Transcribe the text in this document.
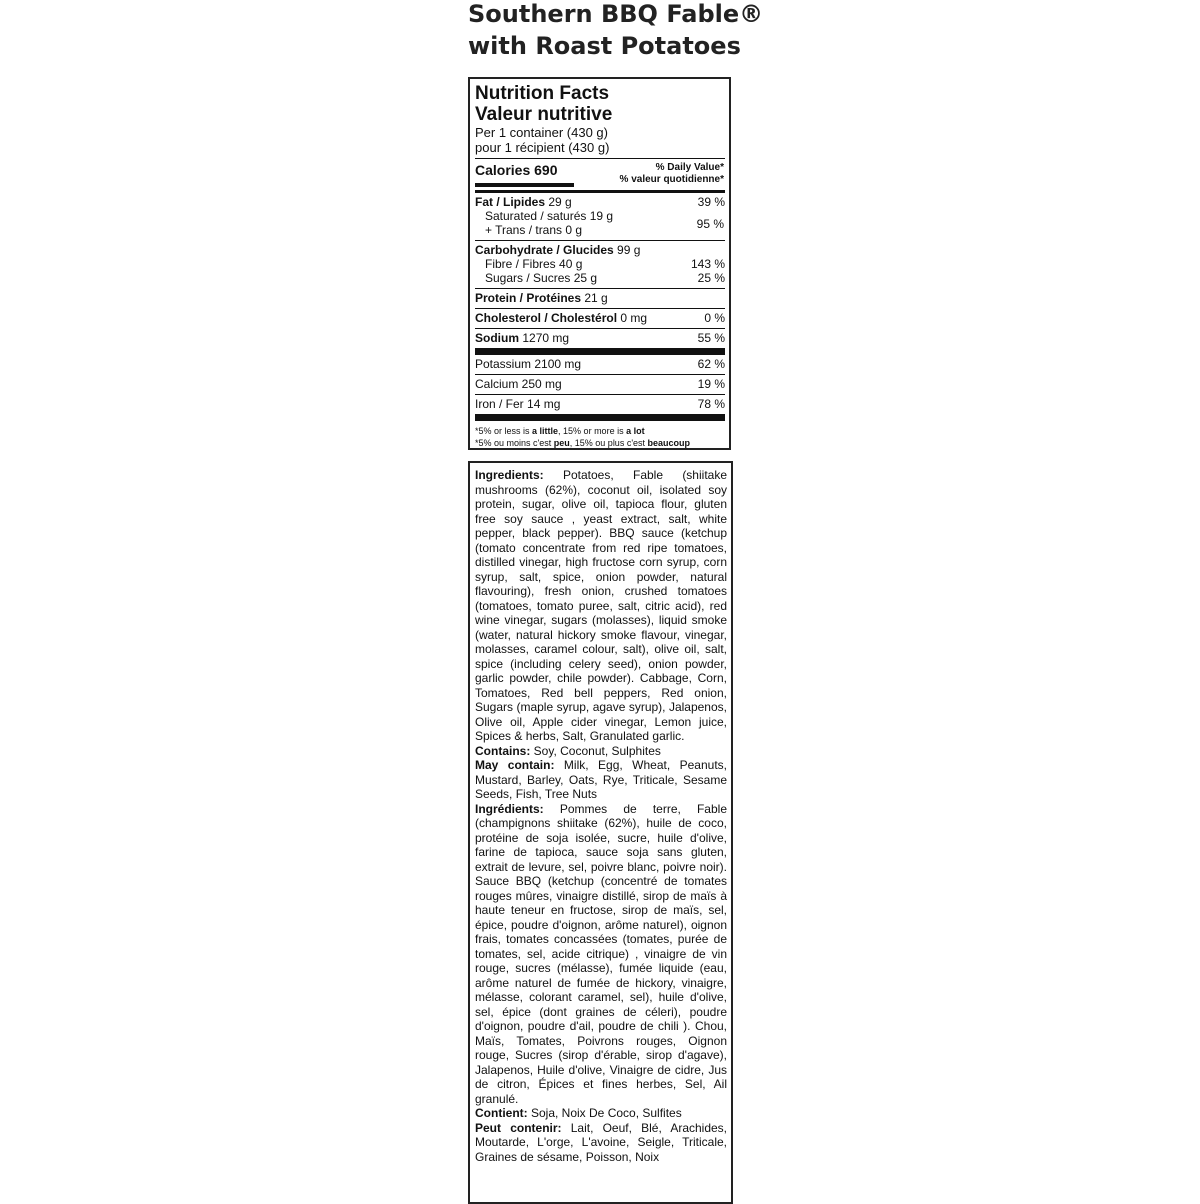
Southern BBQ Fable®
with Roast Potatoes
Nutrition Facts
Valeur nutritive
Per 1 container (430 g)
pour 1 récipient (430 g)
Calories 690	% Daily Value*
% valeur quotidienne*
Fat / Lipides 29 g	39 %
Saturated / saturés 19 g
+ Trans / trans 0 g	95 %
Carbohydrate / Glucides 99 g
Fibre / Fibres 40 g	143 %
Sugars / Sucres 25 g	25 %
Protein / Protéines 21 g
Cholesterol / Cholestérol 0 mg	0 %
Sodium 1270 mg	55 %
Potassium 2100 mg	62 %
Calcium 250 mg	19 %
Iron / Fer 14 mg	78 %
*5% or less is a little, 15% or more is a lot
*5% ou moins c'est peu, 15% ou plus c'est beaucoup

Ingredients: Potatoes, Fable (shiitake mushrooms (62%), coconut oil, isolated soy protein, sugar, olive oil, tapioca flour, gluten free soy sauce , yeast extract, salt, white pepper, black pepper). BBQ sauce (ketchup (tomato concentrate from red ripe tomatoes, distilled vinegar, high fructose corn syrup, corn syrup, salt, spice, onion powder, natural flavouring), fresh onion, crushed tomatoes (tomatoes, tomato puree, salt, citric acid), red wine vinegar, sugars (molasses), liquid smoke (water, natural hickory smoke flavour, vinegar, molasses, caramel colour, salt), olive oil, salt, spice (including celery seed), onion powder, garlic powder, chile powder). Cabbage, Corn, Tomatoes, Red bell peppers, Red onion, Sugars (maple syrup, agave syrup), Jalapenos, Olive oil, Apple cider vinegar, Lemon juice, Spices & herbs, Salt, Granulated garlic.

Contains: Soy, Coconut, Sulphites

May contain: Milk, Egg, Wheat, Peanuts, Mustard, Barley, Oats, Rye, Triticale, Sesame Seeds, Fish, Tree Nuts

Ingrédients: Pommes de terre, Fable (champignons shiitake (62%), huile de coco, protéine de soja isolée, sucre, huile d'olive, farine de tapioca, sauce soja sans gluten, extrait de levure, sel, poivre blanc, poivre noir). Sauce BBQ (ketchup (concentré de tomates rouges mûres, vinaigre distillé, sirop de maïs à haute teneur en fructose, sirop de maïs, sel, épice, poudre d'oignon, arôme naturel), oignon frais, tomates concassées (tomates, purée de tomates, sel, acide citrique) , vinaigre de vin rouge, sucres (mélasse), fumée liquide (eau, arôme naturel de fumée de hickory, vinaigre, mélasse, colorant caramel, sel), huile d'olive, sel, épice (dont graines de céleri), poudre d'oignon, poudre d'ail, poudre de chili ). Chou, Maïs, Tomates, Poivrons rouges, Oignon rouge, Sucres (sirop d'érable, sirop d'agave), Jalapenos, Huile d'olive, Vinaigre de cidre, Jus de citron, Épices et fines herbes, Sel, Ail granulé.

Contient: Soja, Noix De Coco, Sulfites

Peut contenir: Lait, Oeuf, Blé, Arachides, Moutarde, L'orge, L'avoine, Seigle, Triticale, Graines de sésame, Poisson, Noix
